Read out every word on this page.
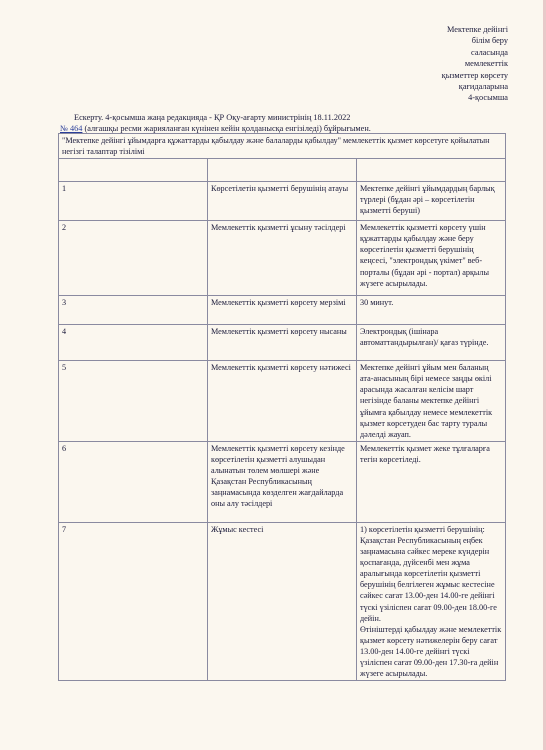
Мектепке дейінгі
білім беру
саласында
мемлекеттік
қызметтер көрсету
қағидаларына
4-қосымша
Ескерту. 4-қосымша жаңа редакцияда - ҚР Оқу-ағарту министрінің 18.11.2022
№ 464 (алғашқы ресми жарияланған күнінен кейін қолданысқа енгізіледі) бұйрығымен.
"Мектепке дейінгі ұйымдарға құжаттарды қабылдау және балаларды қабылдау" мемлекеттік қызмет көрсетуге қойылатын негізгі талаптар тізілімі		

1	Көрсетілетін қызметті берушінің атауы	Мектепке дейінгі ұйымдардың барлық түрлері (бұдан әрі – көрсетілетін қызметті беруші)

2	Мемлекеттік қызметті ұсыну тәсілдері	Мемлекеттік қызметті көрсету үшін құжаттарды қабылдау және беру көрсетілетін қызметті берушінің кеңсесі, "электрондық үкімет" веб-порталы (бұдан әрі - портал) арқылы жүзеге асырылады.

3	Мемлекеттік қызметті көрсету мерзімі	30 минут.

4	Мемлекеттік қызметті көрсету нысаны	Электрондық (ішінара автоматтандырылған)/ қағаз түрінде.

5	Мемлекеттік қызметті көрсету нәтижесі	Мектепке дейінгі ұйым мен баланың ата-анасының бірі немесе заңды өкілі арасында жасалған келісім шарт негізінде баланы мектепке дейінгі ұйымға қабылдау немесе мемлекеттік қызмет көрсетуден бас тарту туралы дәлелді жауап.

6	Мемлекеттік қызметті көрсету кезінде көрсетілетін қызметті алушыдан алынатын төлем мөлшері және Қазақстан Республикасының заңнамасында көзделген жағдайларда оны алу тәсілдері	Мемлекеттік қызмет жеке тұлғаларға тегін көрсетіледі.

7	Жұмыс кестесі	1) көрсетілетін қызметті берушінің: Қазақстан Республикасының еңбек заңнамасына сәйкес мереке күндерін қоспағанда, дүйсенбі мен жұма аралығында көрсетілетін қызметті берушінің белгілеген жұмыс кестесіне сәйкес сағат 13.00-ден 14.00-ге дейінгі түскі үзіліспен сағат 09.00-ден 18.00-ге дейін.

Өтініштерді қабылдау және мемлекеттік қызмет көрсету нәтижелерін беру сағат 13.00-ден 14.00-ге дейінгі түскі үзіліспен сағат 09.00-ден 17.30-ға дейін жүзеге асырылады.
